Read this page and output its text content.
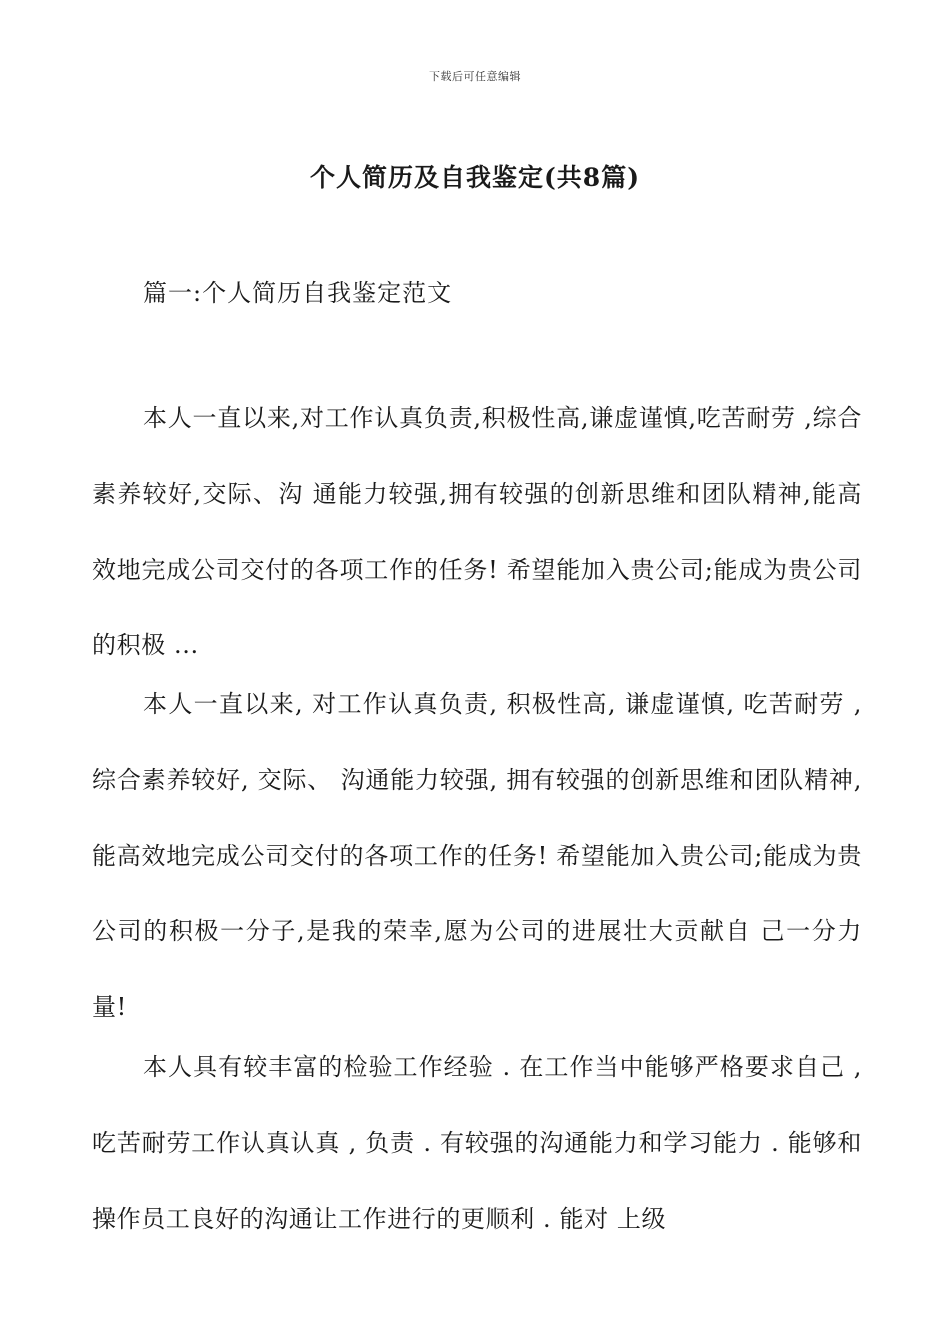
下载后可任意编辑
个人简历及自我鉴定(共8篇)
篇一:个人简历自我鉴定范文

本人一直以来,对工作认真负责,积极性高,谦虚谨慎,吃苦耐劳 ,综合素养较好,交际、沟 通能力较强,拥有较强的创新思维和团队精神,能高效地完成公司交付的各项工作的任务! 希望能加入贵公司;能成为贵公司的积极 ...

本人一直以来, 对工作认真负责, 积极性高, 谦虚谨慎, 吃苦耐劳 , 综合素养较好, 交际、 沟通能力较强, 拥有较强的创新思维和团队精神, 能高效地完成公司交付的各项工作的任务! 希望能加入贵公司;能成为贵公司的积极一分子,是我的荣幸,愿为公司的进展壮大贡献自 己一分力量!

本人具有较丰富的检验工作经验 . 在工作当中能够严格要求自己 , 吃苦耐劳工作认真认真 , 负责 . 有较强的沟通能力和学习能力 . 能够和操作员工良好的沟通让工作进行的更顺利 . 能对 上级
